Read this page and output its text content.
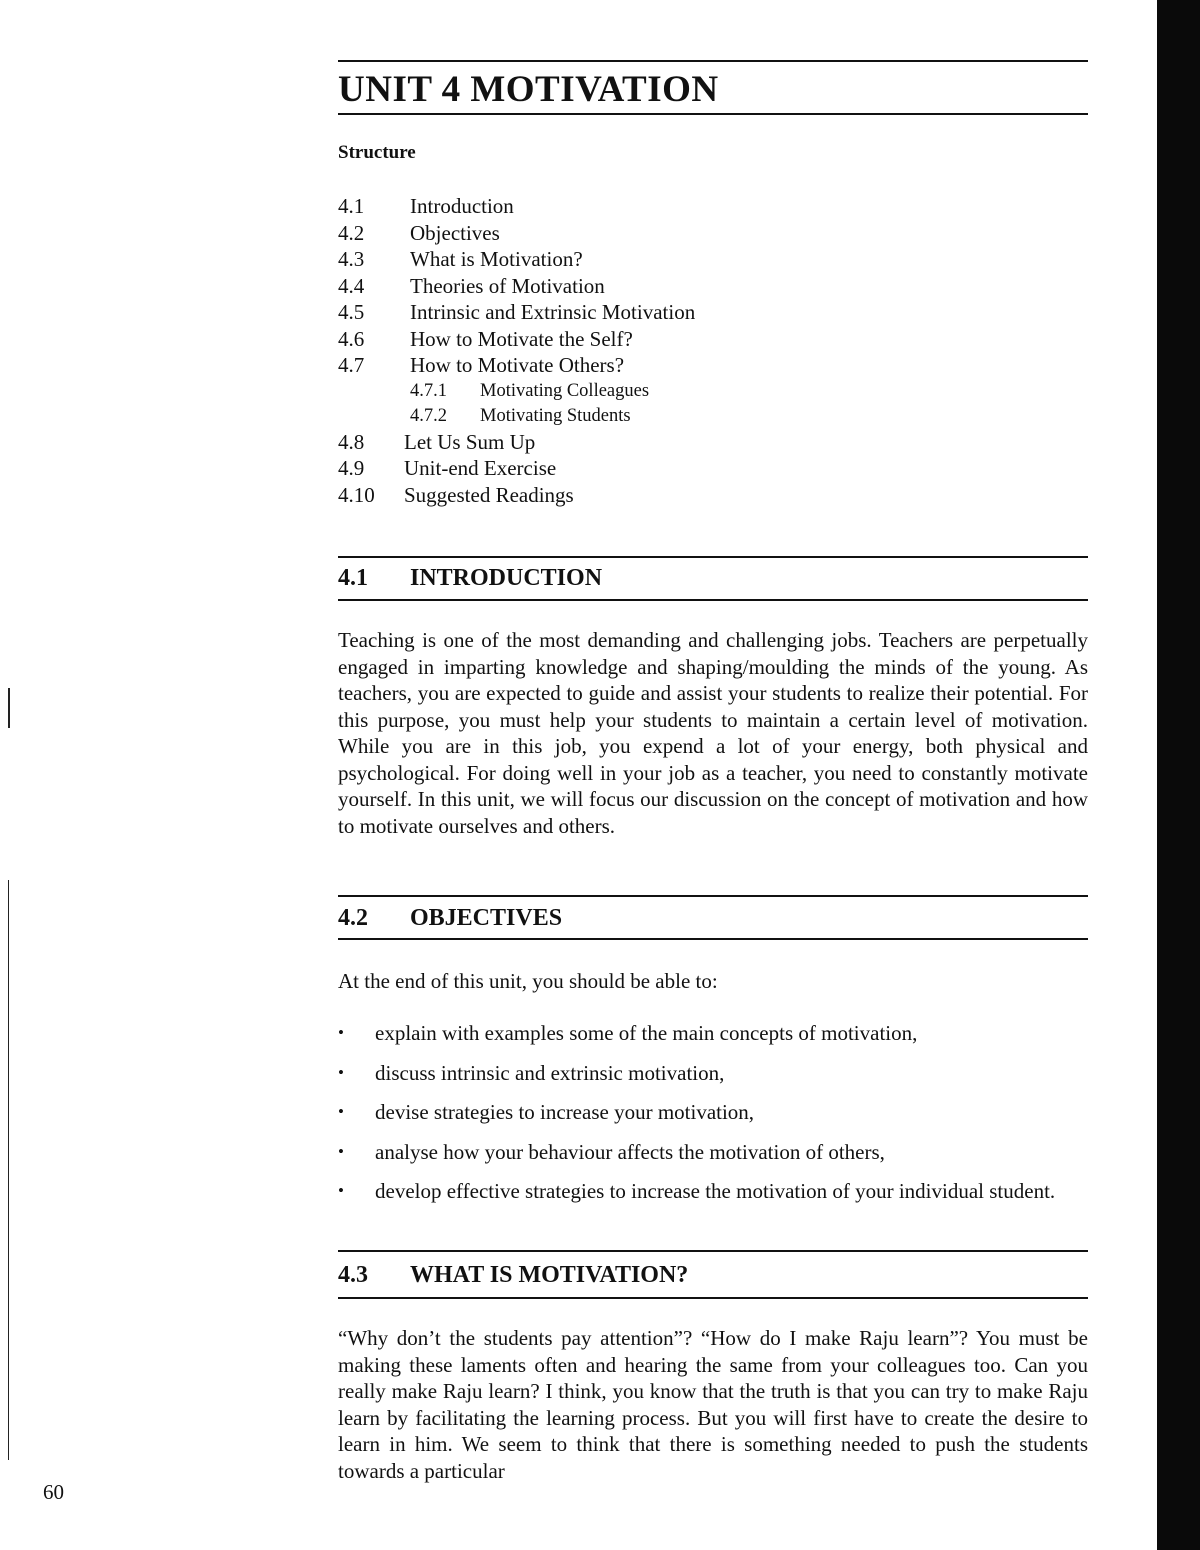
UNIT 4 MOTIVATION
Structure
4.1 Introduction
4.2 Objectives
4.3 What is Motivation?
4.4 Theories of Motivation
4.5 Intrinsic and Extrinsic Motivation
4.6 How to Motivate the Self?
4.7 How to Motivate Others?
4.7.1 Motivating Colleagues
4.7.2 Motivating Students
4.8 Let Us Sum Up
4.9 Unit-end Exercise
4.10 Suggested Readings
4.1 INTRODUCTION

Teaching is one of the most demanding and challenging jobs. Teachers are perpetually engaged in imparting knowledge and shaping/moulding the minds of the young. As teachers, you are expected to guide and assist your students to realize their potential. For this purpose, you must help your students to maintain a certain level of motivation. While you are in this job, you expend a lot of your energy, both physical and psychological. For doing well in your job as a teacher, you need to constantly motivate yourself. In this unit, we will focus our discussion on the concept of motivation and how to motivate ourselves and others.

4.2 OBJECTIVES

At the end of this unit, you should be able to:

• explain with examples some of the main concepts of motivation,
• discuss intrinsic and extrinsic motivation,
• devise strategies to increase your motivation,
• analyse how your behaviour affects the motivation of others,
• develop effective strategies to increase the motivation of your individual student.
4.3 WHAT IS MOTIVATION?

“Why don’t the students pay attention”? “How do I make Raju learn”? You must be making these laments often and hearing the same from your colleagues too. Can you really make Raju learn? I think, you know that the truth is that you can try to make Raju learn by facilitating the learning process. But you will first have to create the desire to learn in him. We seem to think that there is something needed to push the students towards a particular

60
